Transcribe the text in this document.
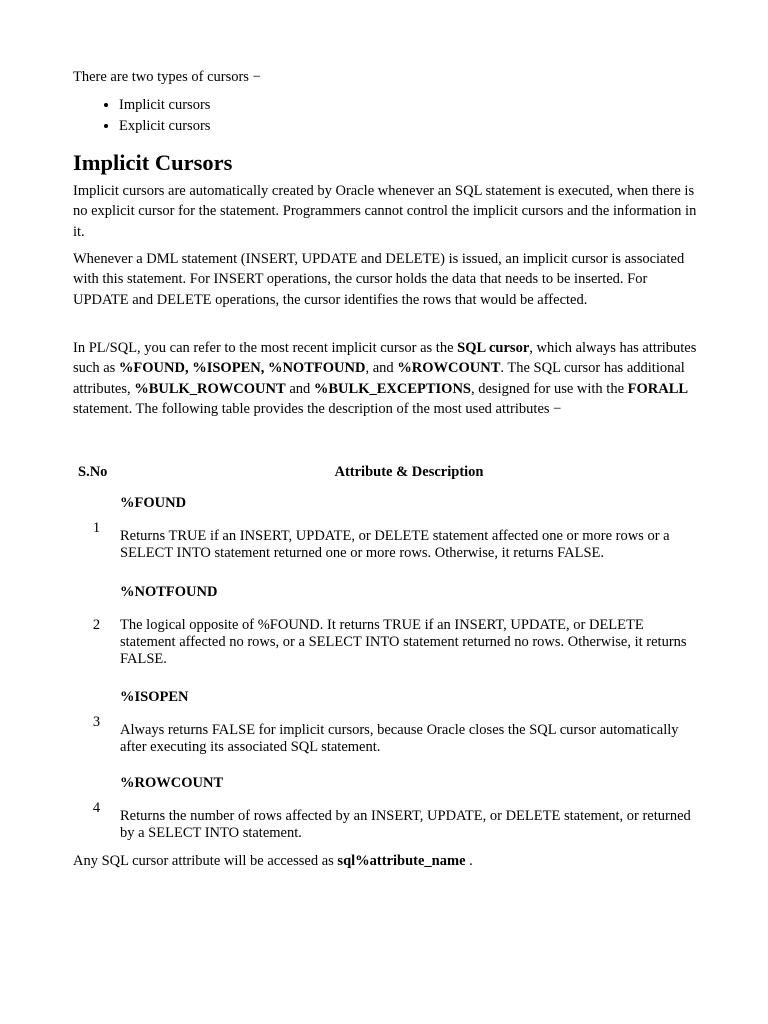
There are two types of cursors −

• Implicit cursors
• Explicit cursors
Implicit Cursors

Implicit cursors are automatically created by Oracle whenever an SQL statement is executed, when there is no explicit cursor for the statement. Programmers cannot control the implicit cursors and the information in it.

Whenever a DML statement (INSERT, UPDATE and DELETE) is issued, an implicit cursor is associated with this statement. For INSERT operations, the cursor holds the data that needs to be inserted. For UPDATE and DELETE operations, the cursor identifies the rows that would be affected.

In PL/SQL, you can refer to the most recent implicit cursor as the SQL cursor, which always has attributes such as %FOUND, %ISOPEN, %NOTFOUND, and %ROWCOUNT. The SQL cursor has additional attributes, %BULK_ROWCOUNT and %BULK_EXCEPTIONS, designed for use with the FORALL statement. The following table provides the description of the most used attributes −

S.No	Attribute & Description
1	%FOUND
Returns TRUE if an INSERT, UPDATE, or DELETE statement affected one or more rows or a SELECT INTO statement returned one or more rows. Otherwise, it returns FALSE.

2	%NOTFOUND
The logical opposite of %FOUND. It returns TRUE if an INSERT, UPDATE, or DELETE statement affected no rows, or a SELECT INTO statement returned no rows. Otherwise, it returns FALSE.

3	%ISOPEN
Always returns FALSE for implicit cursors, because Oracle closes the SQL cursor automatically after executing its associated SQL statement.

4	%ROWCOUNT
Returns the number of rows affected by an INSERT, UPDATE, or DELETE statement, or returned by a SELECT INTO statement.

Any SQL cursor attribute will be accessed as sql%attribute_name .
